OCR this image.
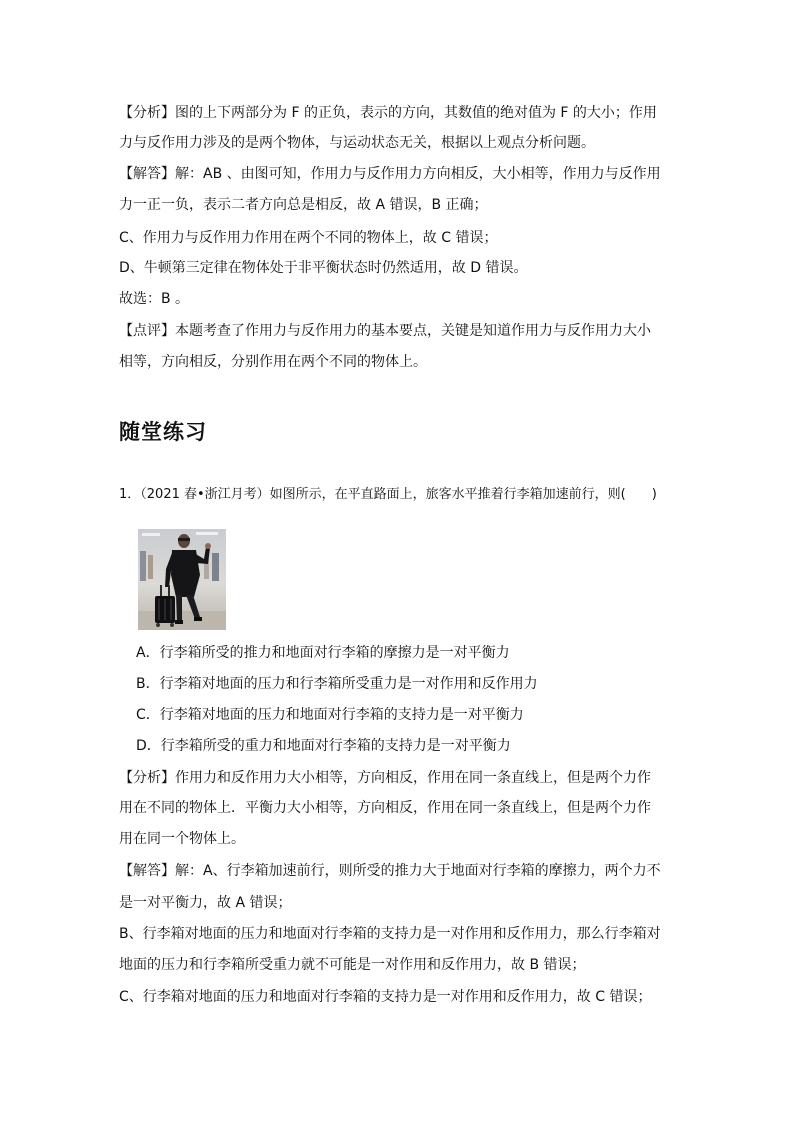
【分析】图的上下两部分为 F 的正负，表示的方向，其数值的绝对值为 F 的大小；作用
力与反作用力涉及的是两个物体，与运动状态无关，根据以上观点分析问题。
【解答】解：AB 、由图可知，作用力与反作用力方向相反，大小相等，作用力与反作用
力一正一负，表示二者方向总是相反，故 A 错误，B 正确；
C、作用力与反作用力作用在两个不同的物体上，故 C 错误；
D、牛顿第三定律在物体处于非平衡状态时仍然适用，故 D 错误。
故选：B 。
【点评】本题考查了作用力与反作用力的基本要点，关键是知道作用力与反作用力大小
相等，方向相反，分别作用在两个不同的物体上。
随堂练习
1．（2021 春•浙江月考）如图所示，在平直路面上，旅客水平推着行李箱加速前行，则(　　)
A．行李箱所受的推力和地面对行李箱的摩擦力是一对平衡力
B．行李箱对地面的压力和行李箱所受重力是一对作用和反作用力
C．行李箱对地面的压力和地面对行李箱的支持力是一对平衡力
D．行李箱所受的重力和地面对行李箱的支持力是一对平衡力
【分析】作用力和反作用力大小相等，方向相反，作用在同一条直线上，但是两个力作
用在不同的物体上．平衡力大小相等，方向相反，作用在同一条直线上，但是两个力作
用在同一个物体上。
【解答】解：A、行李箱加速前行，则所受的推力大于地面对行李箱的摩擦力，两个力不
是一对平衡力，故 A 错误；
B、行李箱对地面的压力和地面对行李箱的支持力是一对作用和反作用力，那么行李箱对
地面的压力和行李箱所受重力就不可能是一对作用和反作用力，故 B 错误；
C、行李箱对地面的压力和地面对行李箱的支持力是一对作用和反作用力，故 C 错误；
